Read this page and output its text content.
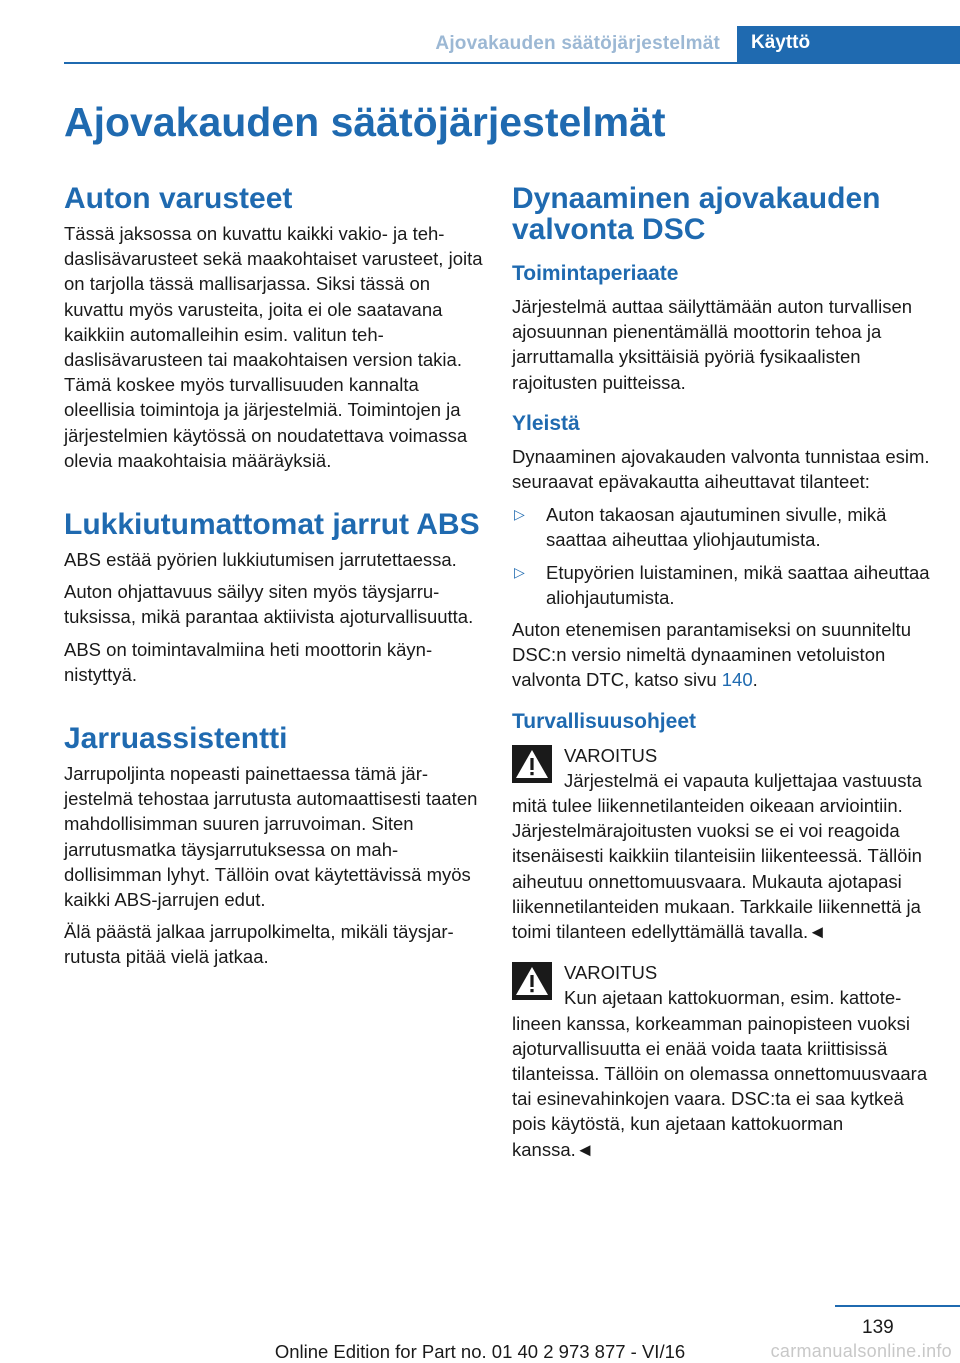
Ajovakauden säätöjärjestelmät	Käyttö
Ajovakauden säätöjärjestelmät
Auton varusteet

Tässä jaksossa on kuvattu kaikki vakio- ja tehdaslisävarusteet sekä maakohtaiset varusteet, joita on tarjolla tässä mallisarjassa. Siksi tässä on kuvattu myös varusteita, joita ei ole saatavana kaikkiin automalleihin esim. valitun tehdaslisävarusteen tai maakohtaisen version takia. Tämä koskee myös turvallisuuden kannalta oleellisia toimintoja ja järjestelmiä. Toimintojen ja järjestelmien käytössä on noudatettava voimassa olevia maakohtaisia määräyksiä.

Lukkiutumattomat jarrut ABS

ABS estää pyörien lukkiutumisen jarrutettaessa.

Auton ohjattavuus säilyy siten myös täysjarrutuksissa, mikä parantaa aktiivista ajoturvallisuutta.

ABS on toimintavalmiina heti moottorin käynnistyttyä.

Jarruassistentti

Jarrupoljinta nopeasti painettaessa tämä järjestelmä tehostaa jarrutusta automaattisesti taaten mahdollisimman suuren jarruvoiman. Siten jarrutusmatka täysjarrutuksessa on mahdollisimman lyhyt. Tällöin ovat käytettävissä myös kaikki ABS-jarrujen edut.

Älä päästä jalkaa jarrupolkimelta, mikäli täysjarrutusta pitää vielä jatkaa.

Dynaaminen ajovakauden valvonta DSC
Toimintaperiaate

Järjestelmä auttaa säilyttämään auton turvallisen ajosuunnan pienentämällä moottorin tehoa ja jarruttamalla yksittäisiä pyöriä fysikaalisten rajoitusten puitteissa.

Yleistä

Dynaaminen ajovakauden valvonta tunnistaa esim. seuraavat epävakautta aiheuttavat tilanteet:

▷ Auton takaosan ajautuminen sivulle, mikä saattaa aiheuttaa yliohjautumista.
▷ Etupyörien luistaminen, mikä saattaa aiheuttaa aliohjautumista.

Auton etenemisen parantamiseksi on suunniteltu DSC:n versio nimeltä dynaaminen vetoluiston valvonta DTC, katso sivu 140.

Turvallisuusohjeet
VAROITUS
Järjestelmä ei vapauta kuljettajaa vastuusta mitä tulee liikennetilanteiden oikeaan arviointiin. Järjestelmärajoitusten vuoksi se ei voi reagoida itsenäisesti kaikkiin tilanteisiin liikenteessä. Tällöin aiheutuu onnettomuusvaara. Mukauta ajotapasi liikennetilanteiden mukaan. Tarkkaile liikennettä ja toimi tilanteen edellyttämällä tavalla.◄
VAROITUS
Kun ajetaan kattokuorman, esim. kattotelineen kanssa, korkeamman painopisteen vuoksi ajoturvallisuutta ei enää voida taata kriittisissä tilanteissa. Tällöin on olemassa onnettomuusvaara tai esinevahinkojen vaara. DSC:ta ei saa kytkeä pois käytöstä, kun ajetaan kattokuorman kanssa.◄
139
Online Edition for Part no. 01 40 2 973 877 - VI/16	carmanualsonline.info
